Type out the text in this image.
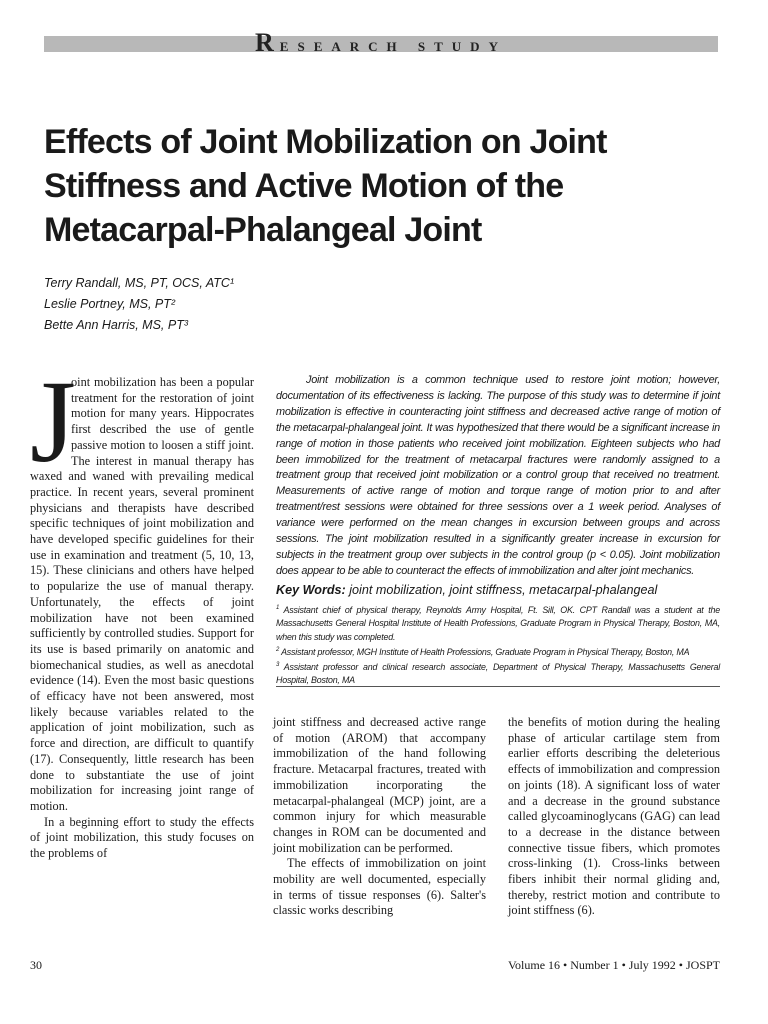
RESEARCH STUDY
Effects of Joint Mobilization on Joint Stiffness and Active Motion of the Metacarpal-Phalangeal Joint
Terry Randall, MS, PT, OCS, ATC¹
Leslie Portney, MS, PT²
Bette Ann Harris, MS, PT³
J

oint mobilization has been a popular treatment for the restoration of joint motion for many years. Hippocrates first described the use of gentle passive motion to loosen a stiff joint. The interest in manual therapy has waxed and waned with prevailing medical practice. In recent years, several prominent physicians and therapists have described specific techniques of joint mobilization and have developed specific guidelines for their use in examination and treatment (5, 10, 13, 15). These clinicians and others have helped to popularize the use of manual therapy. Unfortunately, the effects of joint mobilization have not been examined sufficiently by controlled studies. Support for its use is based primarily on anatomic and biomechanical studies, as well as anecdotal evidence (14). Even the most basic questions of efficacy have not been answered, most likely because variables related to the application of joint mobilization, such as force and direction, are difficult to quantify (17). Consequently, little research has been done to substantiate the use of joint mobilization for increasing joint range of motion.

In a beginning effort to study the effects of joint mobilization, this study focuses on the problems of

Joint mobilization is a common technique used to restore joint motion; however, documentation of its effectiveness is lacking. The purpose of this study was to determine if joint mobilization is effective in counteracting joint stiffness and decreased active range of motion of the metacarpal-phalangeal joint. It was hypothesized that there would be a significant increase in range of motion in those patients who received joint mobilization. Eighteen subjects who had been immobilized for the treatment of metacarpal fractures were randomly assigned to a treatment group that received joint mobilization or a control group that received no treatment. Measurements of active range of motion and torque range of motion prior to and after treatment/rest sessions were obtained for three sessions over a 1 week period. Analyses of variance were performed on the mean changes in excursion between groups and across sessions. The joint mobilization resulted in a significantly greater increase in excursion for subjects in the treatment group over subjects in the control group (p < 0.05). Joint mobilization does appear to be able to counteract the effects of immobilization and alter joint mechanics.

Key Words: joint mobilization, joint stiffness, metacarpal-phalangeal

$^1$ Assistant chief of physical therapy, Reynolds Army Hospital, Ft. Sill, OK. CPT Randall was a student at the Massachusetts General Hospital Institute of Health Professions, Graduate Program in Physical Therapy, Boston, MA, when this study was completed.

$^2$ Assistant professor, MGH Institute of Health Professions, Graduate Program in Physical Therapy, Boston, MA

$^3$ Assistant professor and clinical research associate, Department of Physical Therapy, Massachusetts General Hospital, Boston, MA

joint stiffness and decreased active range of motion (AROM) that accompany immobilization of the hand following fracture. Metacarpal fractures, treated with immobilization incorporating the metacarpal-phalangeal (MCP) joint, are a common injury for which measurable changes in ROM can be documented and joint mobilization can be performed.

The effects of immobilization on joint mobility are well documented, especially in terms of tissue responses (6). Salter's classic works describing

the benefits of motion during the healing phase of articular cartilage stem from earlier efforts describing the deleterious effects of immobilization and compression on joints (18). A significant loss of water and a decrease in the ground substance called glycoaminoglycans (GAG) can lead to a decrease in the distance between connective tissue fibers, which promotes cross-linking (1). Cross-links between fibers inhibit their normal gliding and, thereby, restrict motion and contribute to joint stiffness (6).

30	Volume 16 • Number 1 • July 1992 • JOSPT
